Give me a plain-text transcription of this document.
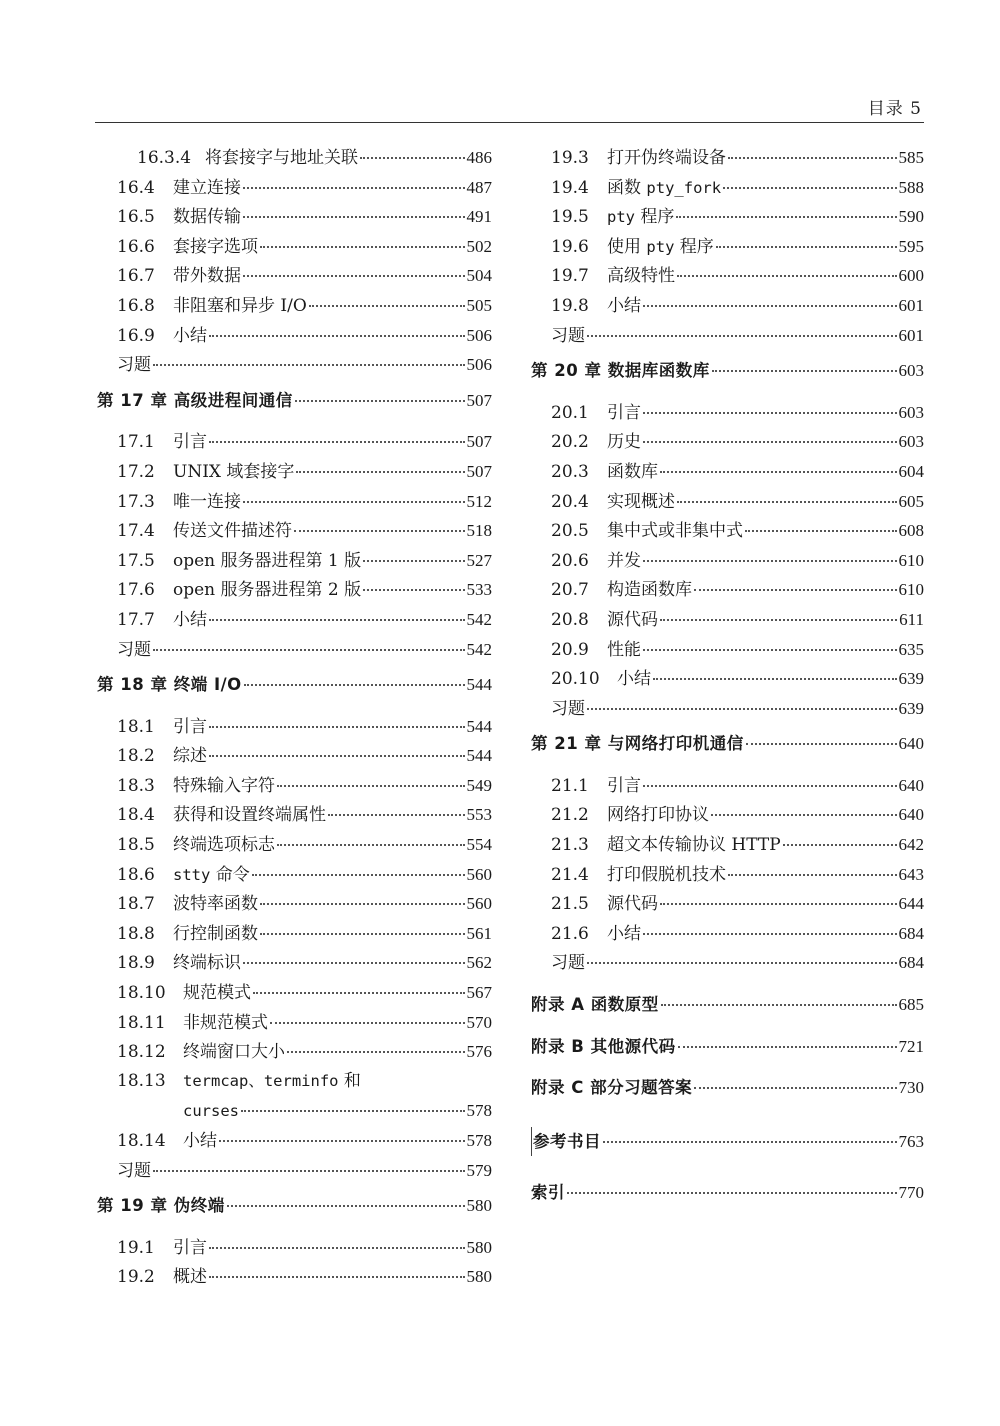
目录 5
16.3.4 将套接字与地址关联	486
16.4	建立连接	487
16.5	数据传输	491
16.6	套接字选项	502
16.7	带外数据	504
16.8	非阻塞和异步 I/O	505
16.9	小结	506
习题	506
第 17 章 高级进程间通信	507
17.1	引言	507
17.2	UNIX 域套接字	507
17.3	唯一连接	512
17.4	传送文件描述符	518
17.5	open 服务器进程第 1 版	527
17.6	open 服务器进程第 2 版	533
17.7	小结	542
习题	542
第 18 章 终端 I/O	544
18.1	引言	544
18.2	综述	544
18.3	特殊输入字符	549
18.4	获得和设置终端属性	553
18.5	终端选项标志	554
18.6	stty 命令	560
18.7	波特率函数	560
18.8	行控制函数	561
18.9	终端标识	562
18.10	规范模式	567
18.11	非规范模式	570
18.12	终端窗口大小	576
18.13 termcap、terminfo 和
curses	578
18.14	小结	578
习题	579
第 19 章 伪终端	580
19.1	引言	580
19.2	概述	580
19.3	打开伪终端设备	585
19.4	函数 pty_fork	588
19.5	pty 程序	590
19.6	使用 pty 程序	595
19.7	高级特性	600
19.8	小结	601
习题	601
第 20 章 数据库函数库	603
20.1	引言	603
20.2	历史	603
20.3	函数库	604
20.4	实现概述	605
20.5	集中式或非集中式	608
20.6	并发	610
20.7	构造函数库	610
20.8	源代码	611
20.9	性能	635
20.10	小结	639
习题	639
第 21 章 与网络打印机通信	640
21.1	引言	640
21.2	网络打印协议	640
21.3	超文本传输协议 HTTP	642
21.4	打印假脱机技术	643
21.5	源代码	644
21.6	小结	684
习题	684
附录 A 函数原型	685
附录 B 其他源代码	721
附录 C 部分习题答案	730
参考书目	763
索引	770
